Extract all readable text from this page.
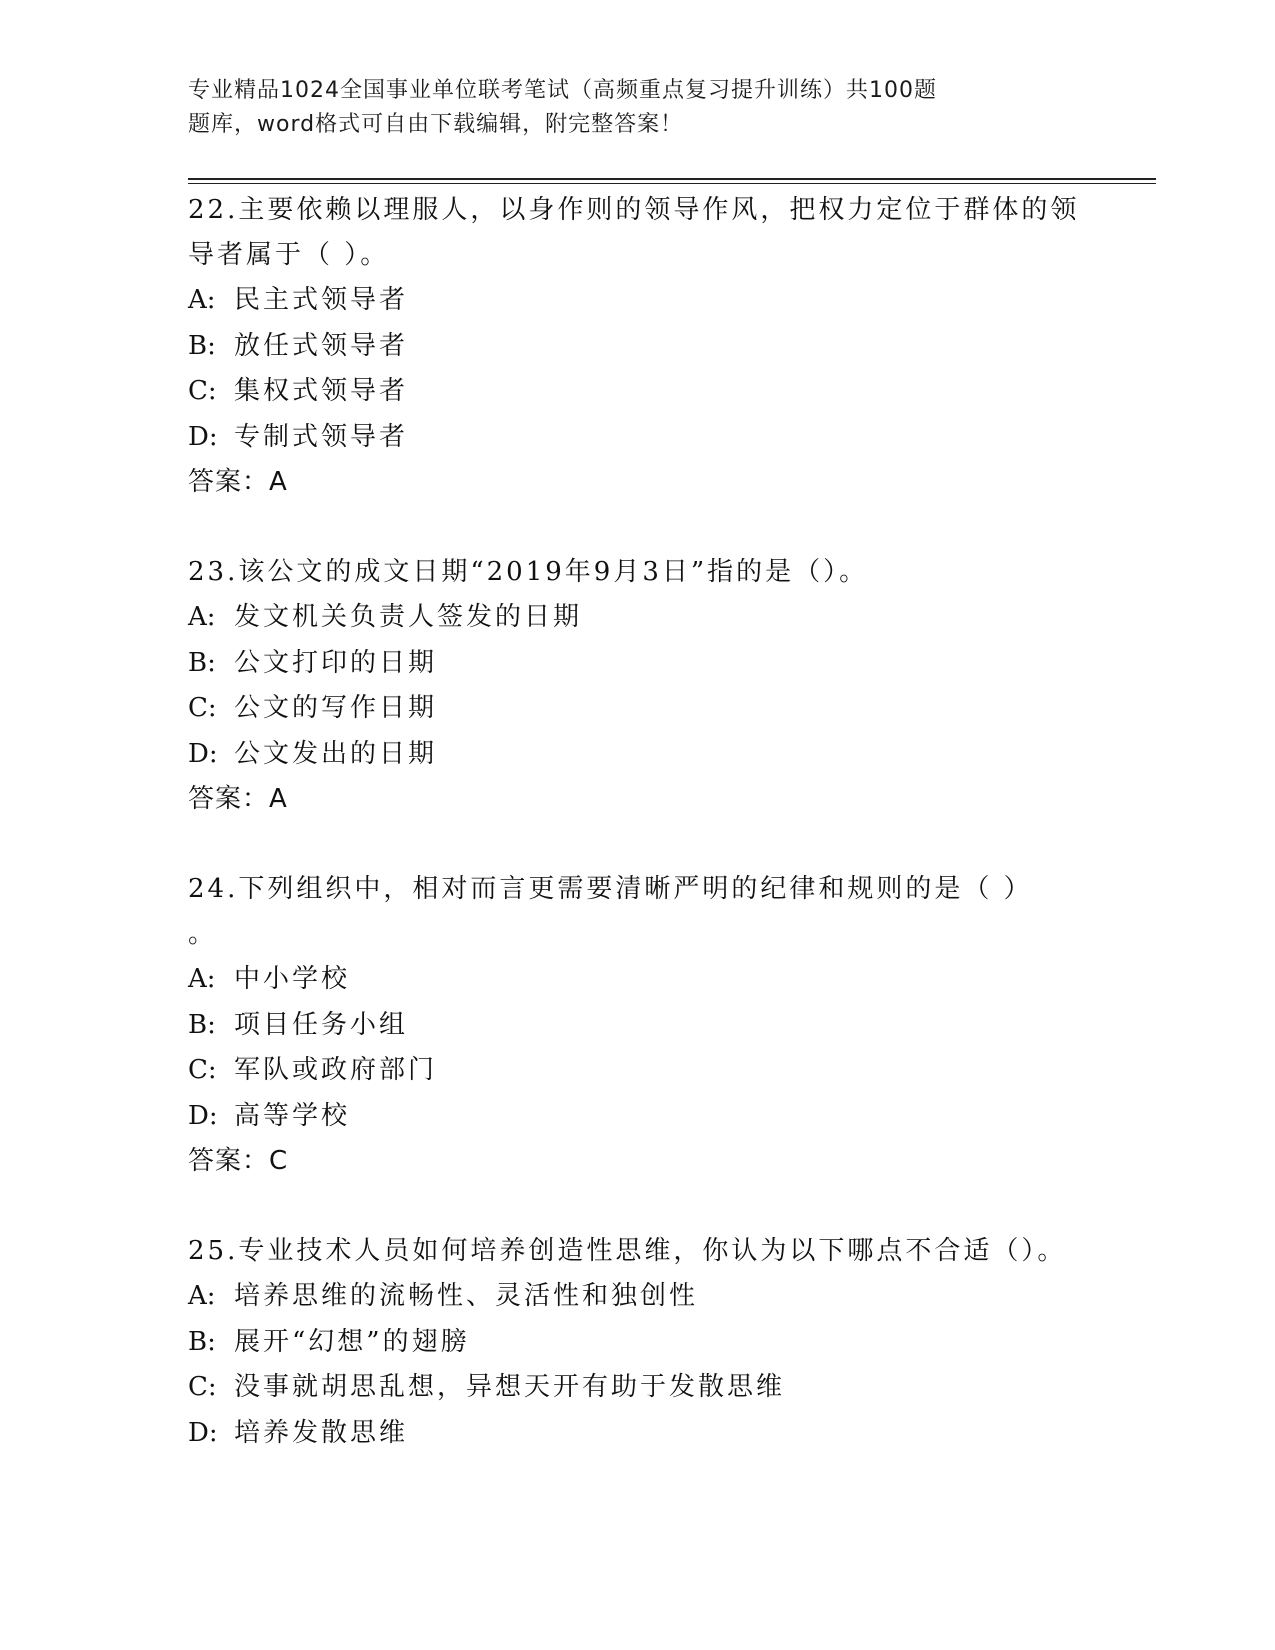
专业精品1024全国事业单位联考笔试（高频重点复习提升训练）共100题
题库，word格式可自由下载编辑，附完整答案！
22.主要依赖以理服人，以身作则的领导作风，把权力定位于群体的领
导者属于（ ）。
A: 民主式领导者
B: 放任式领导者
C: 集权式领导者
D: 专制式领导者
答案：A
23.该公文的成文日期“2019年9月3日”指的是（）。
A: 发文机关负责人签发的日期
B: 公文打印的日期
C: 公文的写作日期
D: 公文发出的日期
答案：A
24.下列组织中，相对而言更需要清晰严明的纪律和规则的是（ ）
。
A: 中小学校
B: 项目任务小组
C: 军队或政府部门
D: 高等学校
答案：C
25.专业技术人员如何培养创造性思维，你认为以下哪点不合适（）。
A: 培养思维的流畅性、灵活性和独创性
B: 展开“幻想”的翅膀
C: 没事就胡思乱想，异想天开有助于发散思维
D: 培养发散思维
